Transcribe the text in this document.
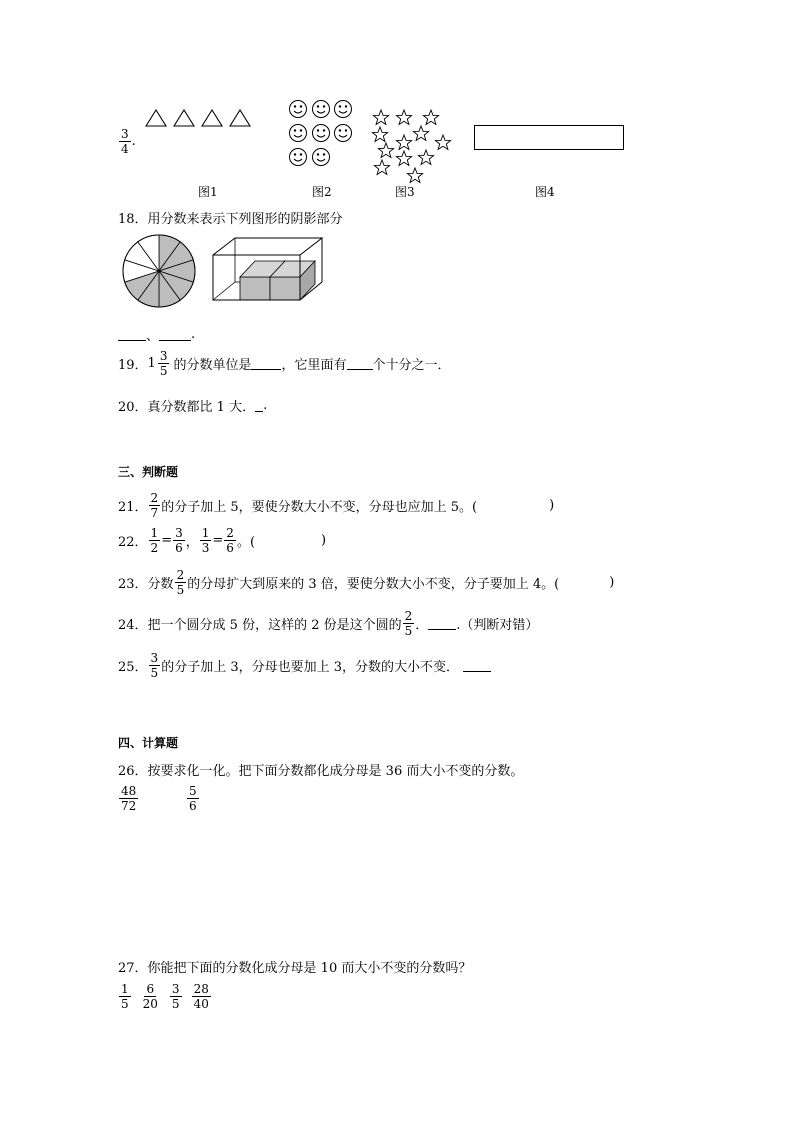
$\frac{3}{4}$ .
图1	图2	图3	图4
18．用分数来表示下列图形的阴影部分
、 .
19． $1 \frac{3}{5}$ 的分数单位是 ，它里面有 个十分之一．
20．真分数都比 1 大． .
三、判断题
21． $\frac{2}{7}$ 的分子加上 5，要使分数大小不变，分母也应加上 5。(	)
22． $\frac{1}{2} = \frac{3}{6}$ ， $\frac{1}{3} = \frac{2}{6}$ 。(	)
23． 分数 $\frac{2}{5}$ 的分母扩大到原来的 3 倍，要使分数大小不变，分子要加上 4。(	)
24． 把一个圆分成 5 份，这样的 2 份是这个圆的 $\frac{2}{5}$ ． .（判断对错）
25． $\frac{3}{5}$ 的分子加上 3，分母也要加上 3，分数的大小不变．
四、计算题
26．按要求化一化。把下面分数都化成分母是 36 而大小不变的分数。
$\frac{48}{72}$	$\frac{5}{6}$
27．你能把下面的分数化成分母是 10 而大小不变的分数吗？
$\frac{1}{5} \frac{6}{20} \frac{3}{5} \frac{28}{40}$
